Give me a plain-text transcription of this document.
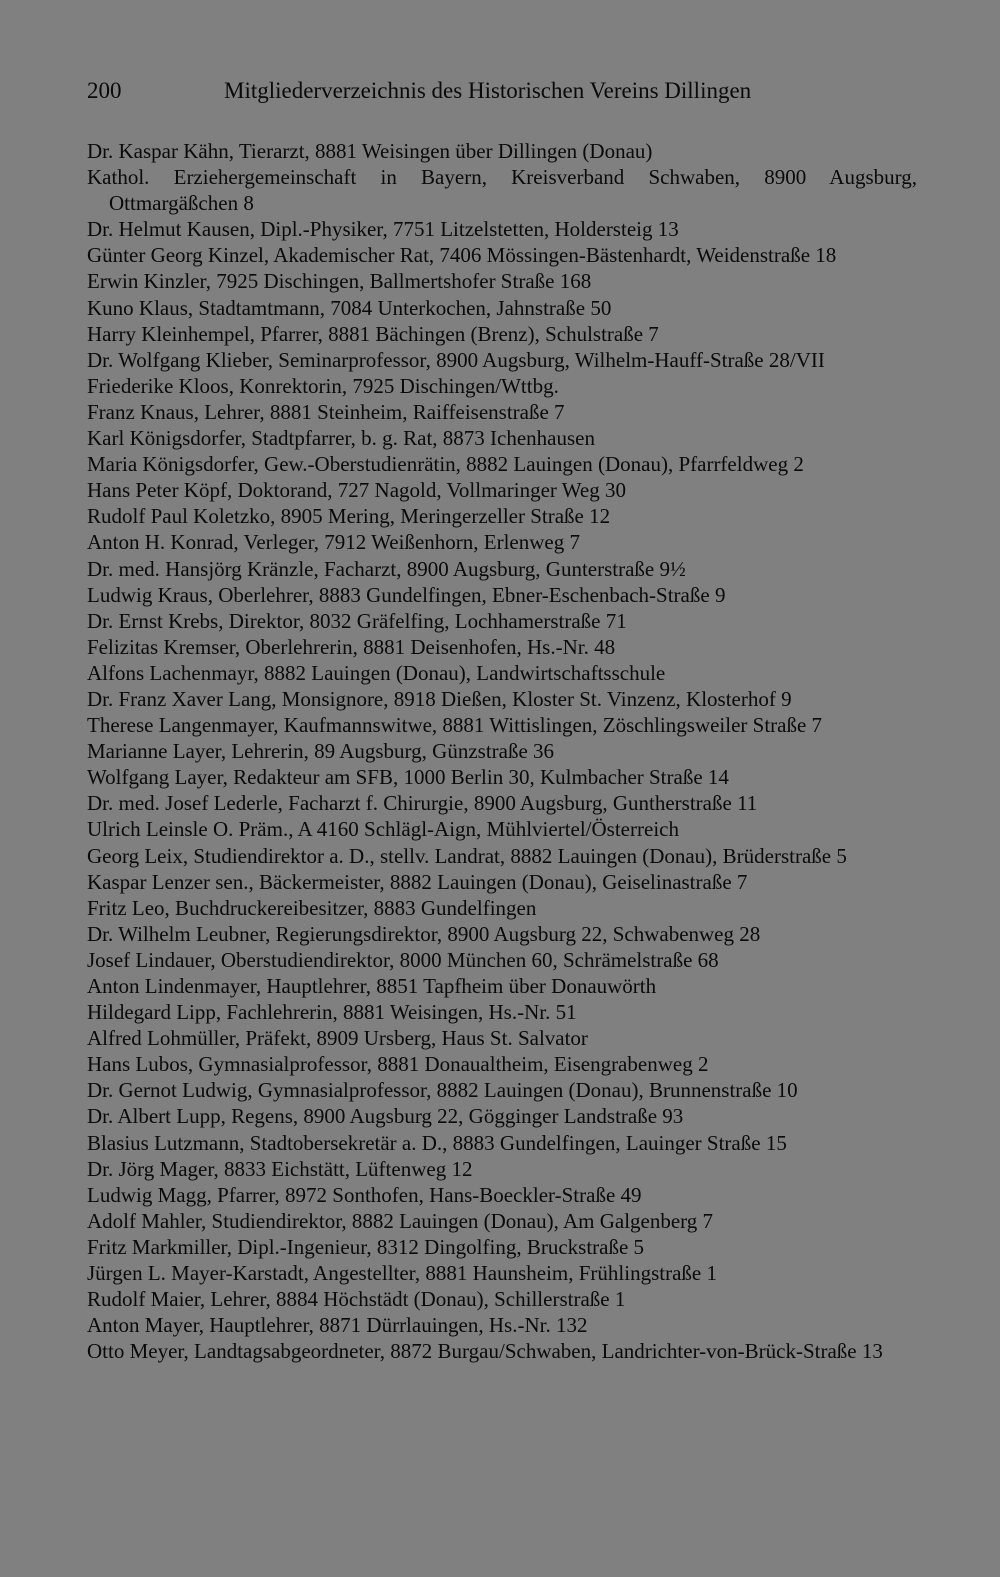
200	Mitgliederverzeichnis des Historischen Vereins Dillingen
Dr. Kaspar Kähn, Tierarzt, 8881 Weisingen über Dillingen (Donau)
Kathol. Erziehergemeinschaft in Bayern, Kreisverband Schwaben, 8900 Augsburg, Ottmargäßchen 8
Dr. Helmut Kausen, Dipl.-Physiker, 7751 Litzelstetten, Holdersteig 13
Günter Georg Kinzel, Akademischer Rat, 7406 Mössingen-Bästenhardt, Weidenstraße 18
Erwin Kinzler, 7925 Dischingen, Ballmertshofer Straße 168
Kuno Klaus, Stadtamtmann, 7084 Unterkochen, Jahnstraße 50
Harry Kleinhempel, Pfarrer, 8881 Bächingen (Brenz), Schulstraße 7
Dr. Wolfgang Klieber, Seminarprofessor, 8900 Augsburg, Wilhelm-Hauff-Straße 28/VII
Friederike Kloos, Konrektorin, 7925 Dischingen/Wttbg.
Franz Knaus, Lehrer, 8881 Steinheim, Raiffeisenstraße 7
Karl Königsdorfer, Stadtpfarrer, b. g. Rat, 8873 Ichenhausen
Maria Königsdorfer, Gew.-Oberstudienrätin, 8882 Lauingen (Donau), Pfarrfeldweg 2
Hans Peter Köpf, Doktorand, 727 Nagold, Vollmaringer Weg 30
Rudolf Paul Koletzko, 8905 Mering, Meringerzeller Straße 12
Anton H. Konrad, Verleger, 7912 Weißenhorn, Erlenweg 7
Dr. med. Hansjörg Kränzle, Facharzt, 8900 Augsburg, Gunterstraße 9½
Ludwig Kraus, Oberlehrer, 8883 Gundelfingen, Ebner-Eschenbach-Straße 9
Dr. Ernst Krebs, Direktor, 8032 Gräfelfing, Lochhamerstraße 71
Felizitas Kremser, Oberlehrerin, 8881 Deisenhofen, Hs.-Nr. 48
Alfons Lachenmayr, 8882 Lauingen (Donau), Landwirtschaftsschule
Dr. Franz Xaver Lang, Monsignore, 8918 Dießen, Kloster St. Vinzenz, Klosterhof 9
Therese Langenmayer, Kaufmannswitwe, 8881 Wittislingen, Zöschlingsweiler Straße 7
Marianne Layer, Lehrerin, 89 Augsburg, Günzstraße 36
Wolfgang Layer, Redakteur am SFB, 1000 Berlin 30, Kulmbacher Straße 14
Dr. med. Josef Lederle, Facharzt f. Chirurgie, 8900 Augsburg, Guntherstraße 11
Ulrich Leinsle O. Präm., A 4160 Schlägl-Aign, Mühlviertel/Österreich
Georg Leix, Studiendirektor a. D., stellv. Landrat, 8882 Lauingen (Donau), Brüderstraße 5
Kaspar Lenzer sen., Bäckermeister, 8882 Lauingen (Donau), Geiselinastraße 7
Fritz Leo, Buchdruckereibesitzer, 8883 Gundelfingen
Dr. Wilhelm Leubner, Regierungsdirektor, 8900 Augsburg 22, Schwabenweg 28
Josef Lindauer, Oberstudiendirektor, 8000 München 60, Schrämelstraße 68
Anton Lindenmayer, Hauptlehrer, 8851 Tapfheim über Donauwörth
Hildegard Lipp, Fachlehrerin, 8881 Weisingen, Hs.-Nr. 51
Alfred Lohmüller, Präfekt, 8909 Ursberg, Haus St. Salvator
Hans Lubos, Gymnasialprofessor, 8881 Donaualtheim, Eisengrabenweg 2
Dr. Gernot Ludwig, Gymnasialprofessor, 8882 Lauingen (Donau), Brunnenstraße 10
Dr. Albert Lupp, Regens, 8900 Augsburg 22, Gögginger Landstraße 93
Blasius Lutzmann, Stadtobersekretär a. D., 8883 Gundelfingen, Lauinger Straße 15
Dr. Jörg Mager, 8833 Eichstätt, Lüftenweg 12
Ludwig Magg, Pfarrer, 8972 Sonthofen, Hans-Boeckler-Straße 49
Adolf Mahler, Studiendirektor, 8882 Lauingen (Donau), Am Galgenberg 7
Fritz Markmiller, Dipl.-Ingenieur, 8312 Dingolfing, Bruckstraße 5
Jürgen L. Mayer-Karstadt, Angestellter, 8881 Haunsheim, Frühlingstraße 1
Rudolf Maier, Lehrer, 8884 Höchstädt (Donau), Schillerstraße 1
Anton Mayer, Hauptlehrer, 8871 Dürrlauingen, Hs.-Nr. 132
Otto Meyer, Landtagsabgeordneter, 8872 Burgau/Schwaben, Landrichter-von-Brück-Straße 13
